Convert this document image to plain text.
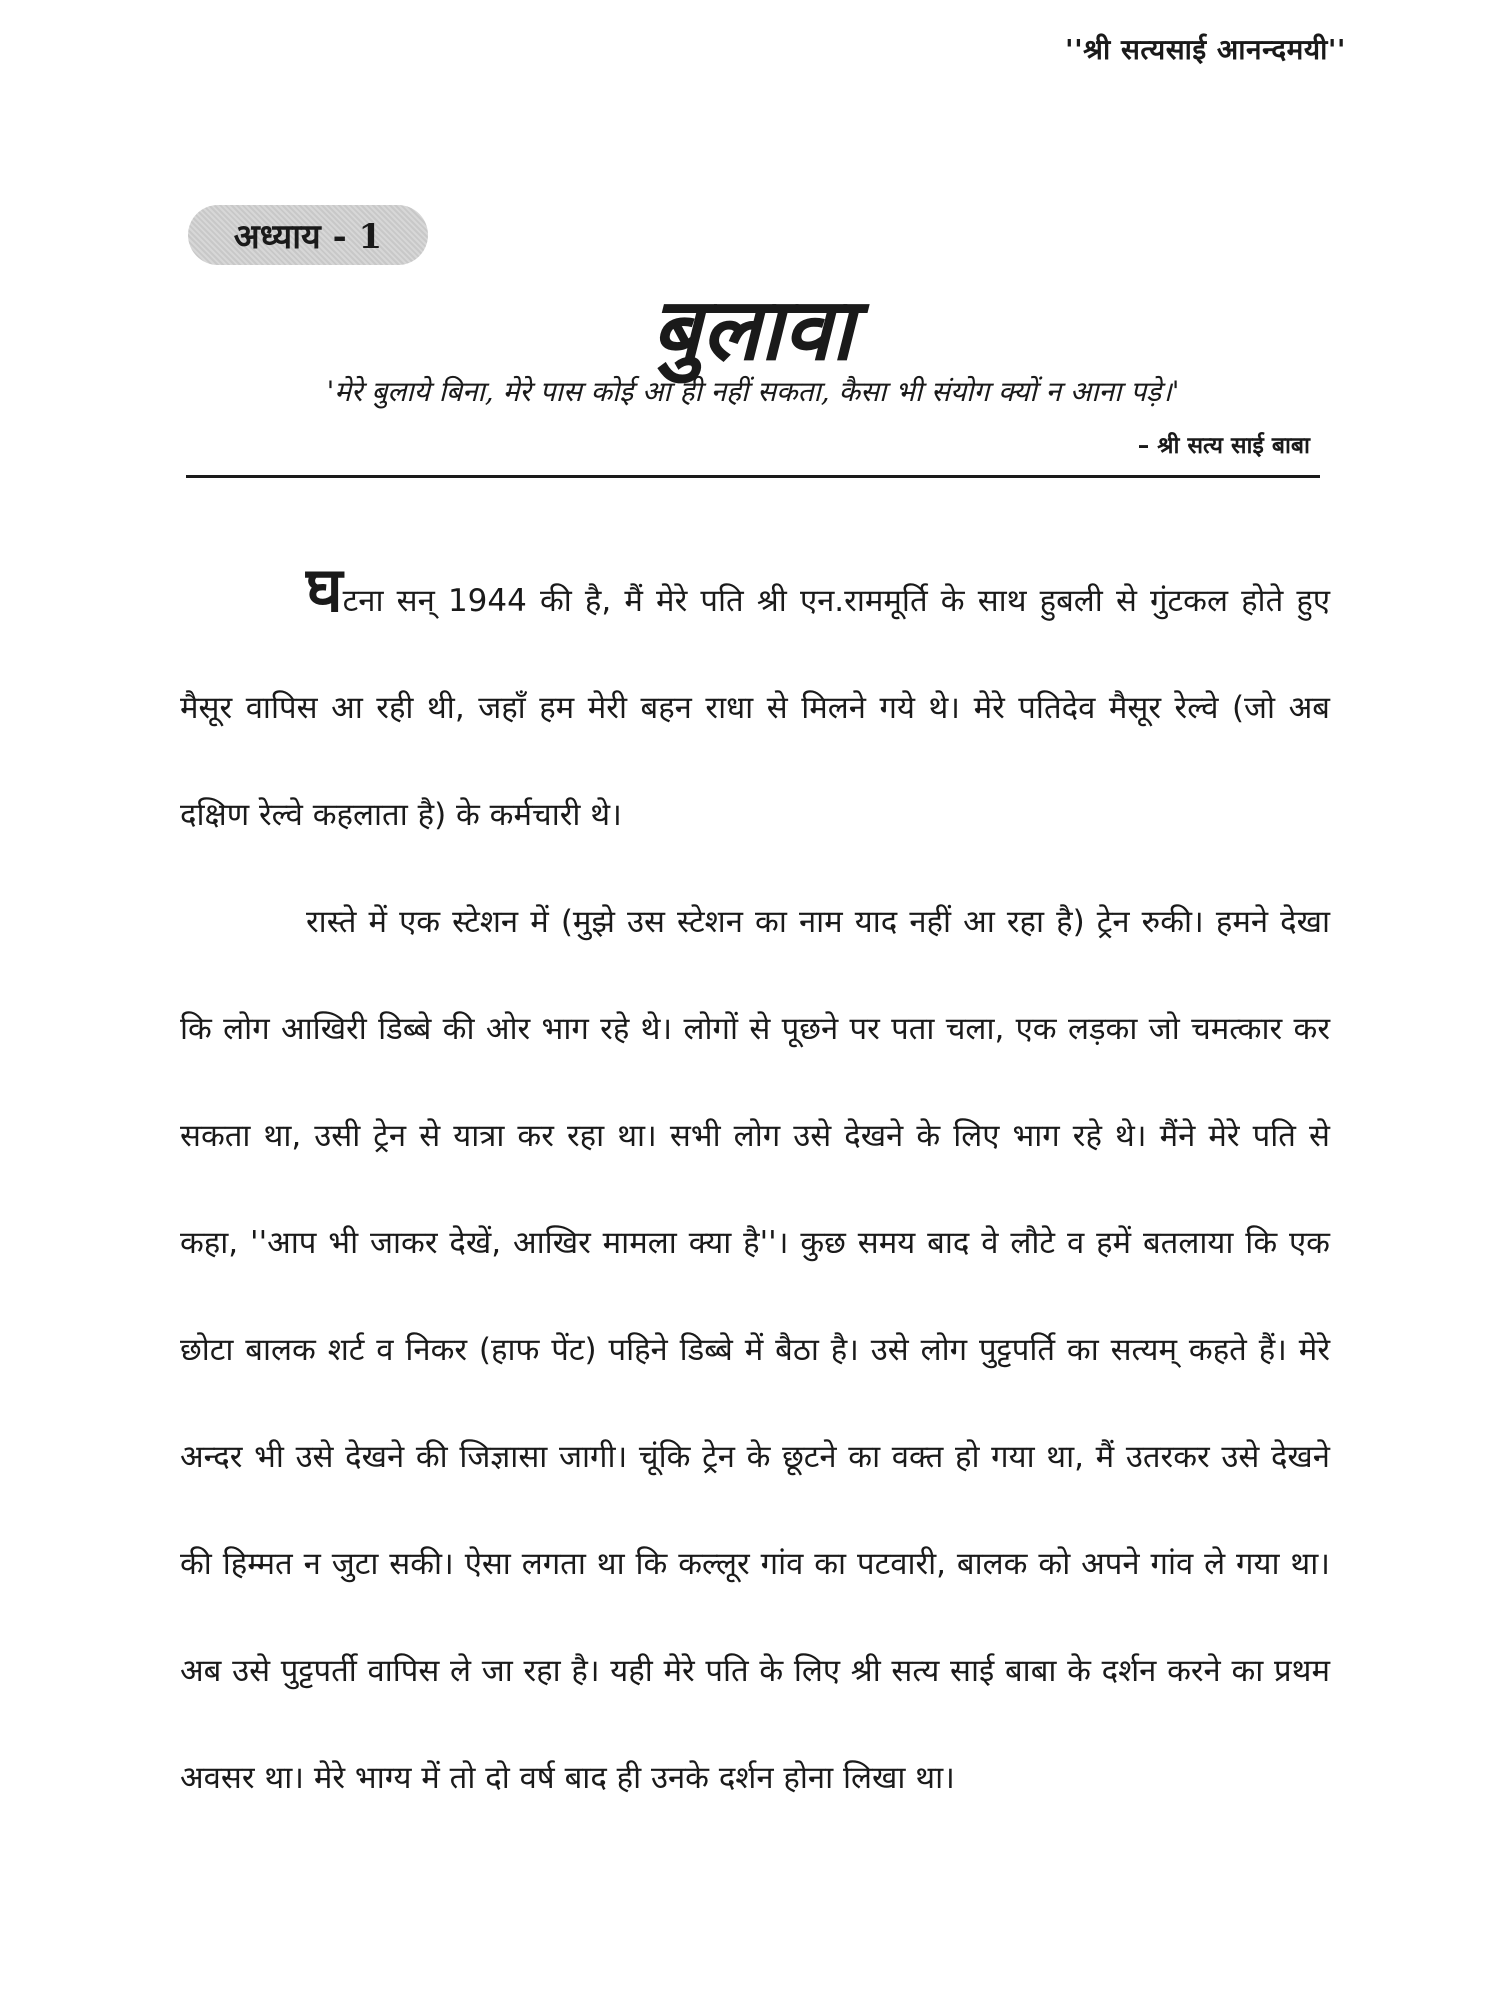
''श्री सत्यसाई आनन्दमयी''
अध्याय - 1
बुलावा
'मेरे बुलाये बिना, मेरे पास कोई आ ही नहीं सकता, कैसा भी संयोग क्यों न आना पड़े।'
– श्री सत्य साई बाबा

घटना सन् 1944 की है, मैं मेरे पति श्री एन.राममूर्ति के साथ हुबली से गुंटकल होते हुए मैसूर वापिस आ रही थी, जहाँ हम मेरी बहन राधा से मिलने गये थे। मेरे पतिदेव मैसूर रेल्वे (जो अब दक्षिण रेल्वे कहलाता है) के कर्मचारी थे।

रास्ते में एक स्टेशन में (मुझे उस स्टेशन का नाम याद नहीं आ रहा है) ट्रेन रुकी। हमने देखा कि लोग आखिरी डिब्बे की ओर भाग रहे थे। लोगों से पूछने पर पता चला, एक लड़का जो चमत्कार कर सकता था, उसी ट्रेन से यात्रा कर रहा था। सभी लोग उसे देखने के लिए भाग रहे थे। मैंने मेरे पति से कहा, ''आप भी जाकर देखें, आखिर मामला क्या है''। कुछ समय बाद वे लौटे व हमें बतलाया कि एक छोटा बालक शर्ट व निकर (हाफ पेंट) पहिने डिब्बे में बैठा है। उसे लोग पुट्टपर्ति का सत्यम् कहते हैं। मेरे अन्दर भी उसे देखने की जिज्ञासा जागी। चूंकि ट्रेन के छूटने का वक्त हो गया था, मैं उतरकर उसे देखने की हिम्मत न जुटा सकी। ऐसा लगता था कि कल्लूर गांव का पटवारी, बालक को अपने गांव ले गया था। अब उसे पुट्टपर्ती वापिस ले जा रहा है। यही मेरे पति के लिए श्री सत्य साई बाबा के दर्शन करने का प्रथम अवसर था। मेरे भाग्य में तो दो वर्ष बाद ही उनके दर्शन होना लिखा था।
